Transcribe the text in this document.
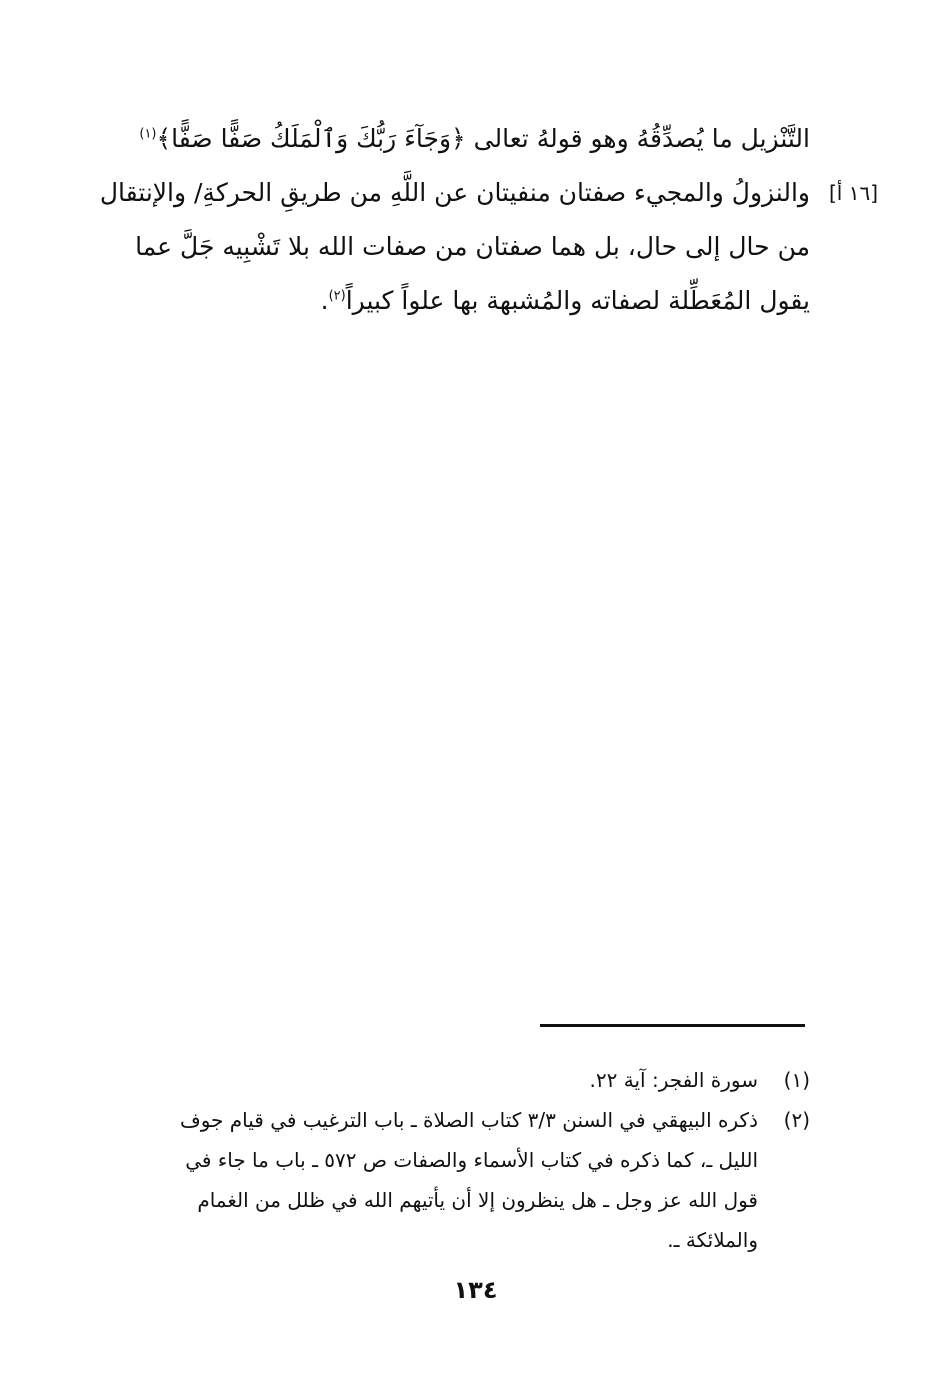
[١٦ أ]
التَّنْزيل ما يُصدِّقُهُ وهو قولهُ تعالى ﴿وَجَآءَ رَبُّكَ وَٱلْمَلَكُ صَفًّا صَفًّا﴾$^{(١)}$
والنزولُ والمجيء صفتان منفيتان عن اللَّهِ من طريقِ الحركةِ/ والإنتقال
من حال إلى حال، بل هما صفتان من صفات الله بلا تَشْبِيه جَلَّ عما
يقول المُعَطِّلة لصفاته والمُشبهة بها علواً كبيراً$^{(٢)}$.
(١)
سورة الفجر: آية ٢٢.
(٢)
ذكره البيهقي في السنن ٣/٣ كتاب الصلاة ـ باب الترغيب في قيام جوف
الليل ـ، كما ذكره في كتاب الأسماء والصفات ص ٥٧٢ ـ باب ما جاء في
قول الله عز وجل ـ هل ينظرون إلا أن يأتيهم الله في ظلل من الغمام
والملائكة ـ.
١٣٤
